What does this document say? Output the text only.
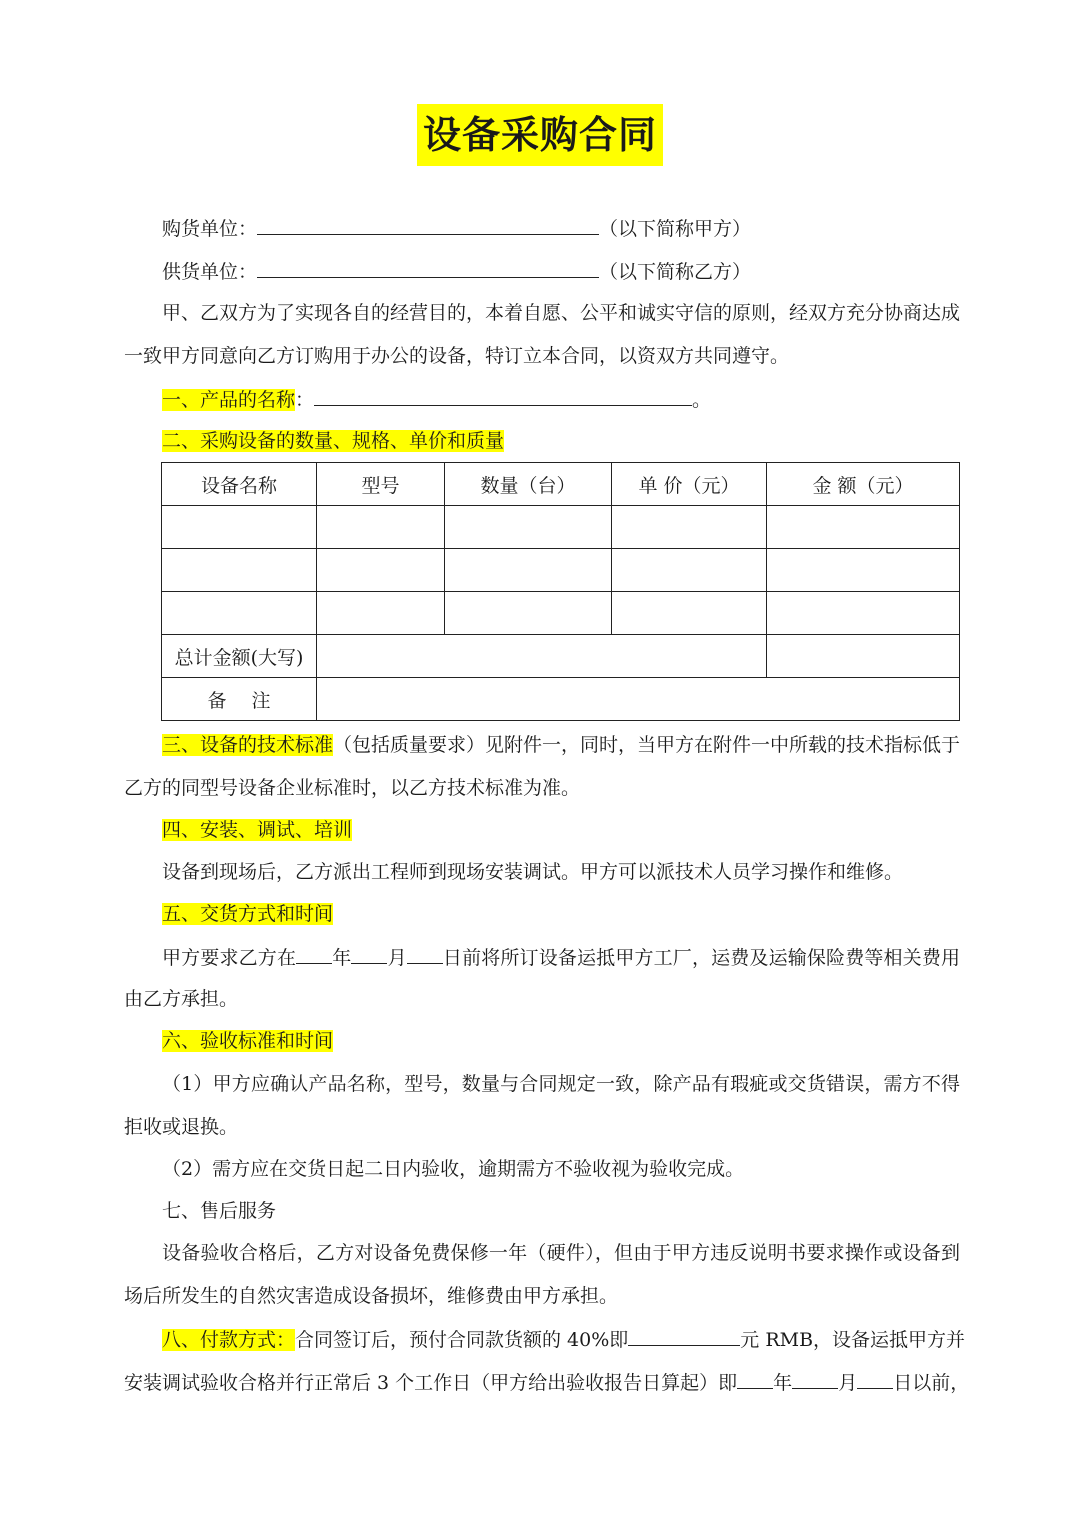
设备采购合同
购货单位：	（以下简称甲方）
供货单位：	（以下简称乙方）
甲、乙双方为了实现各自的经营目的，本着自愿、公平和诚实守信的原则，经双方充分协商达成
一致甲方同意向乙方订购用于办公的设备，特订立本合同，以资双方共同遵守。
一、产品的名称：	。
二、采购设备的数量、规格、单价和质量
设备名称	型号	数量（台）	单 价（元）	金 额（元）

总计金额(大写)				
备　 注				
三、设备的技术标准（包括质量要求）见附件一，同时，当甲方在附件一中所载的技术指标低于
乙方的同型号设备企业标准时，以乙方技术标准为准。
四、安装、调试、培训
设备到现场后，乙方派出工程师到现场安装调试。甲方可以派技术人员学习操作和维修。
五、交货方式和时间
甲方要求乙方在 年 月 日前将所订设备运抵甲方工厂，运费及运输保险费等相关费用
由乙方承担。
六、验收标准和时间
（1）甲方应确认产品名称，型号，数量与合同规定一致，除产品有瑕疵或交货错误，需方不得
拒收或退换。
（2）需方应在交货日起二日内验收，逾期需方不验收视为验收完成。
七、售后服务
设备验收合格后，乙方对设备免费保修一年（硬件），但由于甲方违反说明书要求操作或设备到
场后所发生的自然灾害造成设备损坏，维修费由甲方承担。
八、付款方式：合同签订后，预付合同款货额的 40%即	元 RMB，设备运抵甲方并
安装调试验收合格并行正常后 3 个工作日（甲方给出验收报告日算起）即 年 月 日以前，
